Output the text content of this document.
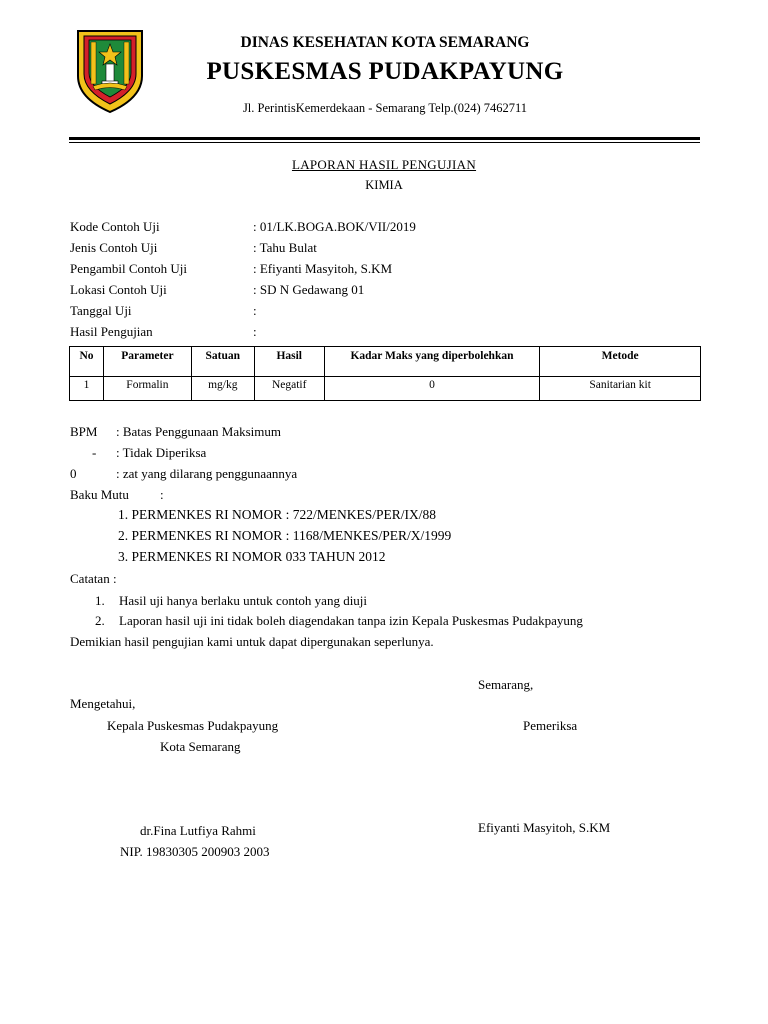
DINAS KESEHATAN KOTA SEMARANG
PUSKESMAS PUDAKPAYUNG
Jl. PerintisKemerdekaan - Semarang Telp.(024) 7462711
LAPORAN HASIL PENGUJIAN
KIMIA
Kode Contoh Uji	: 01/LK.BOGA.BOK/VII/2019
Jenis Contoh Uji	: Tahu Bulat
Pengambil Contoh Uji	: Efiyanti Masyitoh, S.KM
Lokasi Contoh Uji	: SD N Gedawang 01
Tanggal Uji	:
Hasil Pengujian	:
No	Parameter	Satuan	Hasil	Kadar Maks yang diperbolehkan	Metode
1	Formalin	mg/kg	Negatif	0	Sanitarian kit
BPM : Batas Penggunaan Maksimum
- : Tidak Diperiksa
0	: zat yang dilarang penggunaannya
Baku Mutu :
1. PERMENKES RI NOMOR : 722/MENKES/PER/IX/88
2. PERMENKES RI NOMOR : 1168/MENKES/PER/X/1999
3. PERMENKES RI NOMOR 033 TAHUN 2012
Catatan :
1. Hasil uji hanya berlaku untuk contoh yang diuji
2. Laporan hasil uji ini tidak boleh diagendakan tanpa izin Kepala Puskesmas Pudakpayung
Demikian hasil pengujian kami untuk dapat dipergunakan seperlunya.
Semarang,
Mengetahui,
Kepala Puskesmas Pudakpayung	Pemeriksa
Kota Semarang
Efiyanti Masyitoh, S.KM
dr.Fina Lutfiya Rahmi
NIP. 19830305 200903 2003
